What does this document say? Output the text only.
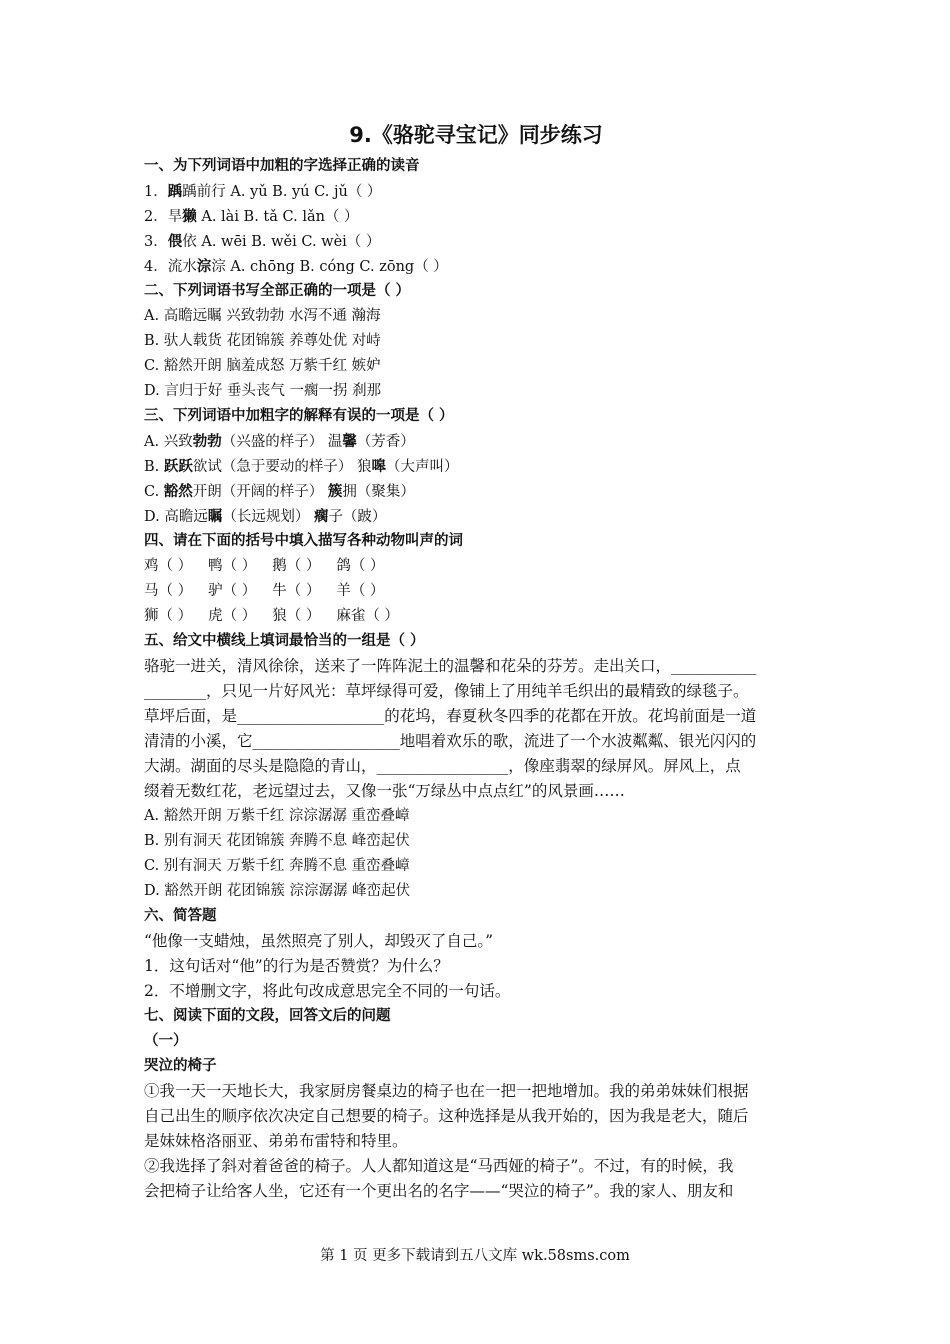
9.《骆驼寻宝记》同步练习
一、为下列词语中加粗的字选择正确的读音
1．踽踽前行 A. yǔ B. yú C. jǔ（ ）
2．旱獭 A. lài B. tǎ C. lǎn（ ）
3．偎依 A. wēi B. wěi C. wèi（ ）
4．流水淙淙 A. chōng B. cóng C. zōng（ ）
二、下列词语书写全部正确的一项是（ ）
A. 高瞻远瞩 兴致勃勃 水泻不通 瀚海
B. 驮人载货 花团锦簇 养尊处优 对峙
C. 豁然开朗 脑羞成怒 万紫千红 嫉妒
D. 言归于好 垂头丧气 一瘸一拐 刹那
三、下列词语中加粗字的解释有误的一项是（ ）
A. 兴致勃勃（兴盛的样子） 温馨（芳香）
B. 跃跃欲试（急于要动的样子） 狼嗥（大声叫）
C. 豁然开朗（开阔的样子） 簇拥（聚集）
D. 高瞻远瞩（长远规划） 瘸子（跛）
四、请在下面的括号中填入描写各种动物叫声的词
鸡（ ） 鸭（ ） 鹅（ ） 鸽（ ）
马（ ） 驴（ ） 牛（ ） 羊（ ）
狮（ ） 虎（ ） 狼（ ） 麻雀（ ）
五、给文中横线上填词最恰当的一组是（ ）
骆驼一进关，清风徐徐，送来了一阵阵泥土的温馨和花朵的芬芳。走出关口，___________
________，只见一片好风光：草坪绿得可爱，像铺上了用纯羊毛织出的最精致的绿毯子。
草坪后面，是___________________的花坞，春夏秋冬四季的花都在开放。花坞前面是一道
清清的小溪，它___________________地唱着欢乐的歌，流进了一个水波粼粼、银光闪闪的
大湖。湖面的尽头是隐隐的青山，_________________，像座翡翠的绿屏风。屏风上，点
缀着无数红花，老远望过去，又像一张“万绿丛中点点红”的风景画……
A. 豁然开朗 万紫千红 淙淙潺潺 重峦叠嶂
B. 别有洞天 花团锦簇 奔腾不息 峰峦起伏
C. 别有洞天 万紫千红 奔腾不息 重峦叠嶂
D. 豁然开朗 花团锦簇 淙淙潺潺 峰峦起伏
六、简答题
“他像一支蜡烛，虽然照亮了别人，却毁灭了自己。”
1．这句话对“他”的行为是否赞赏？为什么？
2．不增删文字，将此句改成意思完全不同的一句话。
七、阅读下面的文段，回答文后的问题
（一）
哭泣的椅子
①我一天一天地长大，我家厨房餐桌边的椅子也在一把一把地增加。我的弟弟妹妹们根据
自己出生的顺序依次决定自己想要的椅子。这种选择是从我开始的，因为我是老大，随后
是妹妹格洛丽亚、弟弟布雷特和特里。
②我选择了斜对着爸爸的椅子。人人都知道这是“马西娅的椅子”。不过，有的时候，我
会把椅子让给客人坐，它还有一个更出名的名字——“哭泣的椅子”。我的家人、朋友和
第 1 页 更多下载请到五八文库 wk.58sms.com
